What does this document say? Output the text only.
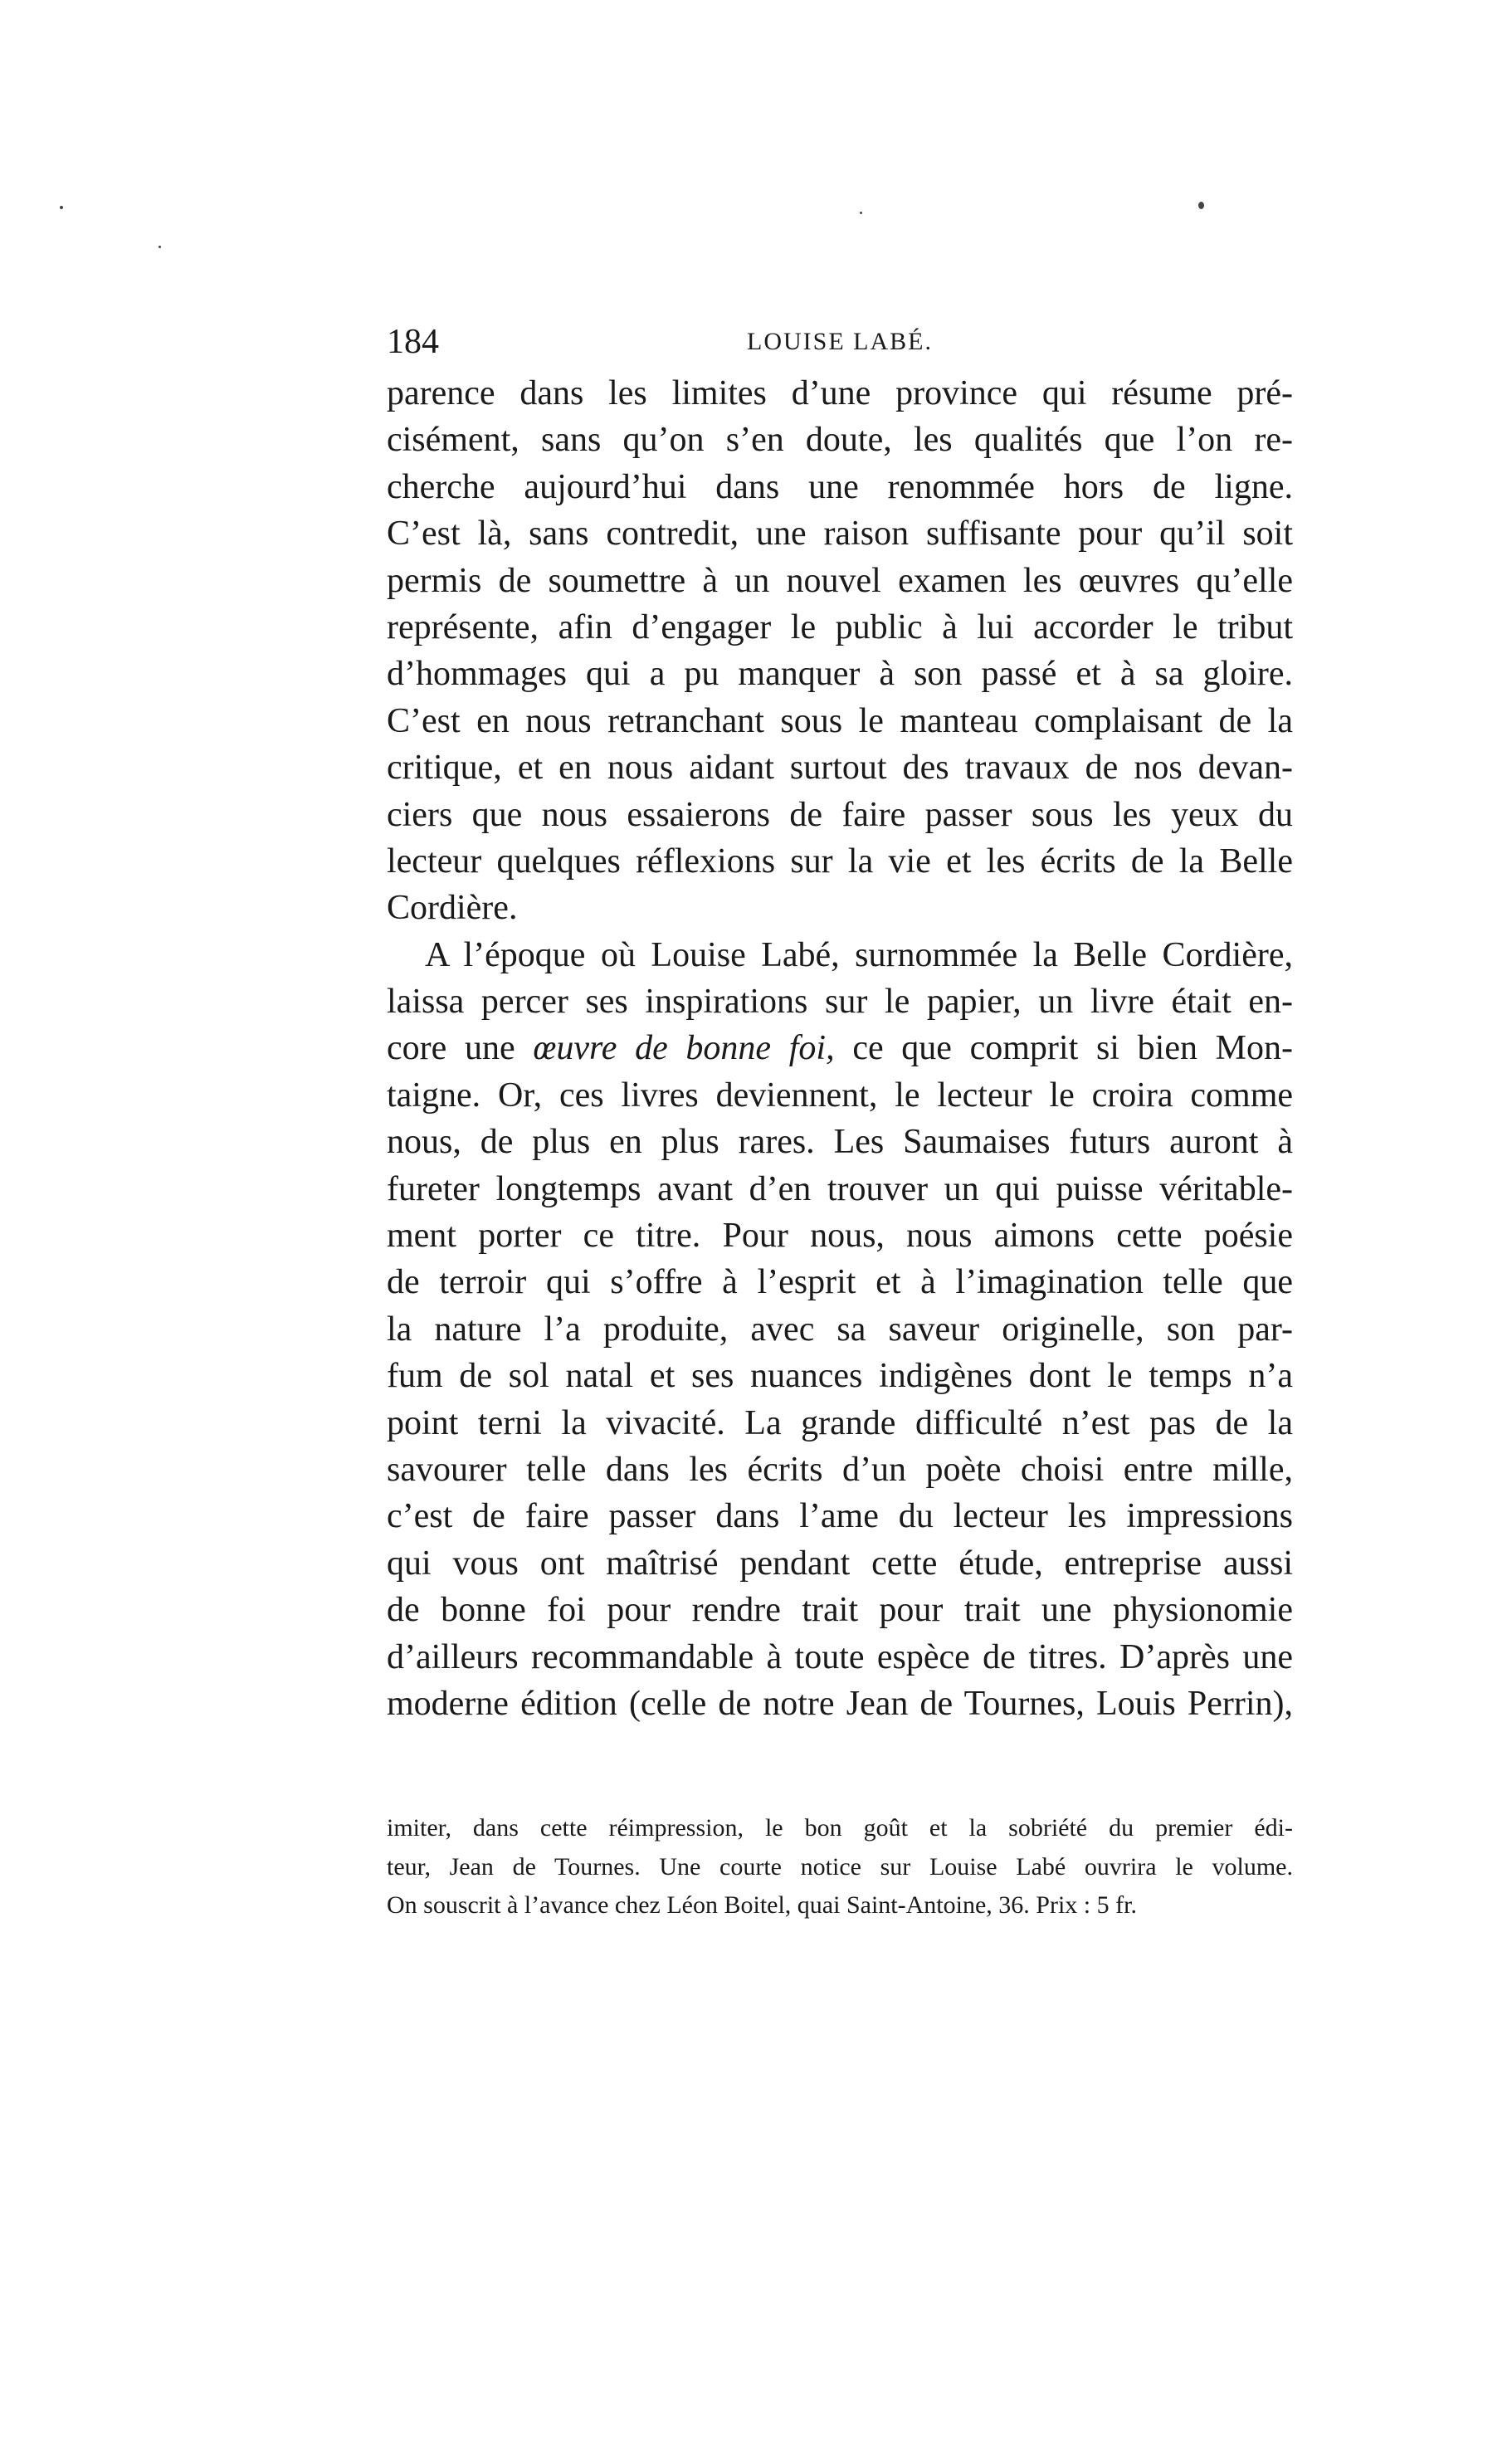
184	LOUISE LABÉ.
parence dans les limites d’une province qui résume pré-
cisément, sans qu’on s’en doute, les qualités que l’on re-
cherche aujourd’hui dans une renommée hors de ligne.
C’est là, sans contredit, une raison suffisante pour qu’il soit
permis de soumettre à un nouvel examen les œuvres qu’elle
représente, afin d’engager le public à lui accorder le tribut
d’hommages qui a pu manquer à son passé et à sa gloire.
C’est en nous retranchant sous le manteau complaisant de la
critique, et en nous aidant surtout des travaux de nos devan-
ciers que nous essaierons de faire passer sous les yeux du
lecteur quelques réflexions sur la vie et les écrits de la Belle
Cordière.
A l’époque où Louise Labé, surnommée la Belle Cordière,
laissa percer ses inspirations sur le papier, un livre était en-
core une œuvre de bonne foi, ce que comprit si bien Mon-
taigne. Or, ces livres deviennent, le lecteur le croira comme
nous, de plus en plus rares. Les Saumaises futurs auront à
fureter longtemps avant d’en trouver un qui puisse véritable-
ment porter ce titre. Pour nous, nous aimons cette poésie
de terroir qui s’offre à l’esprit et à l’imagination telle que
la nature l’a produite, avec sa saveur originelle, son par-
fum de sol natal et ses nuances indigènes dont le temps n’a
point terni la vivacité. La grande difficulté n’est pas de la
savourer telle dans les écrits d’un poète choisi entre mille,
c’est de faire passer dans l’ame du lecteur les impressions
qui vous ont maîtrisé pendant cette étude, entreprise aussi
de bonne foi pour rendre trait pour trait une physionomie
d’ailleurs recommandable à toute espèce de titres. D’après une
moderne édition (celle de notre Jean de Tournes, Louis Perrin),
imiter, dans cette réimpression, le bon goût et la sobriété du premier édi-
teur, Jean de Tournes. Une courte notice sur Louise Labé ouvrira le volume.
On souscrit à l’avance chez Léon Boitel, quai Saint-Antoine, 36. Prix : 5 fr.
